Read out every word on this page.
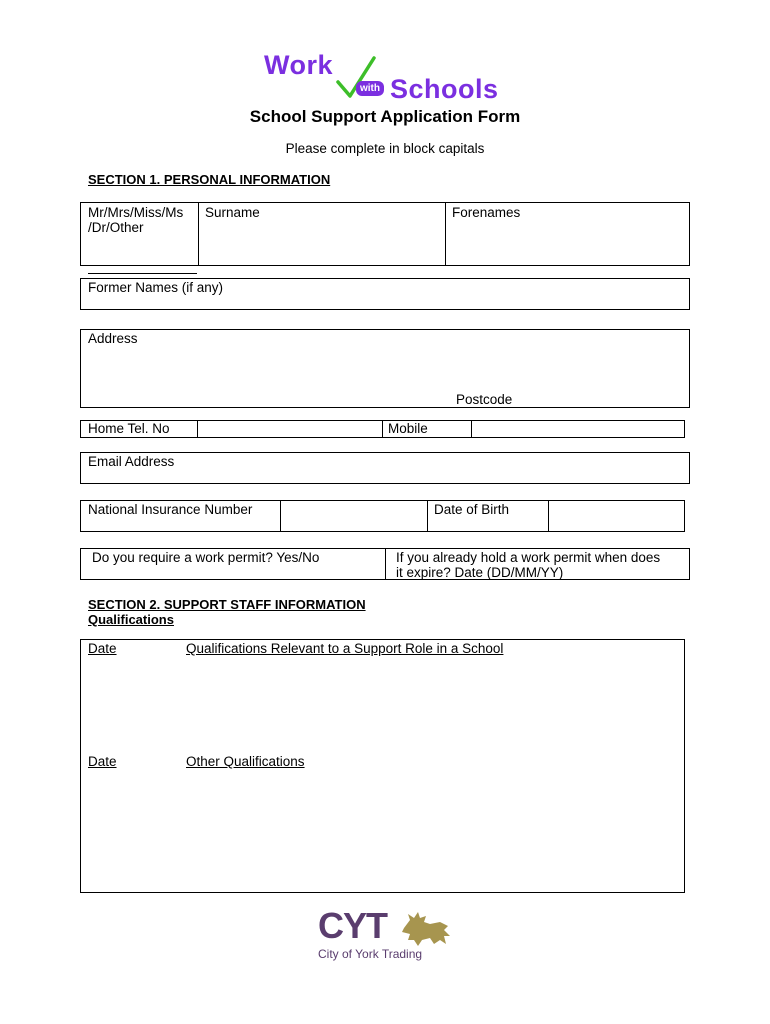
Work
with Schools
School Support Application Form
Please complete in block capitals
SECTION 1. PERSONAL INFORMATION
Mr/Mrs/Miss/Ms
/Dr/Other
Surname	Forenames
Former Names (if any)
Address
Postcode
Home Tel. No	Mobile
Email Address
National Insurance Number	Date of Birth
Do you require a work permit? Yes/No	If you already hold a work permit when does
it expire? Date (DD/MM/YY)
SECTION 2. SUPPORT STAFF INFORMATION
Qualifications
Date	Qualifications Relevant to a Support Role in a School
Date	Other Qualifications
CYT
City of York Trading
